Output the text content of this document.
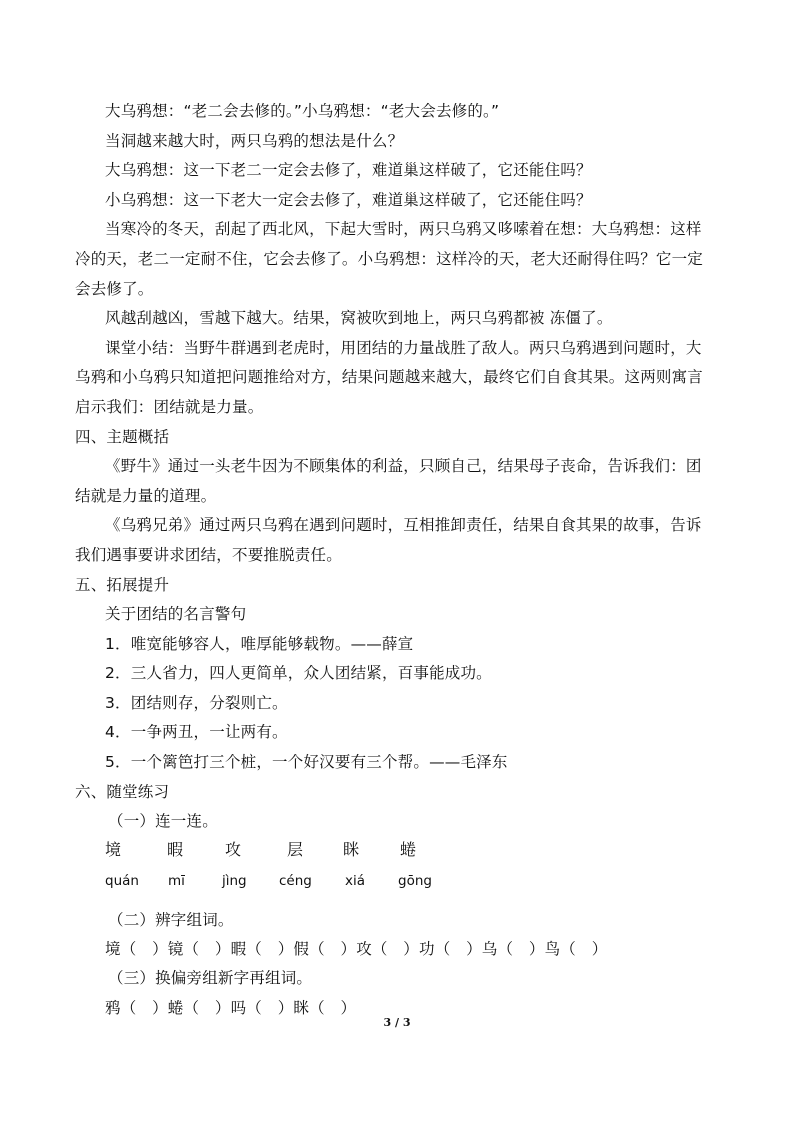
大乌鸦想：“老二会去修的。”小乌鸦想：“老大会去修的。”
当洞越来越大时，两只乌鸦的想法是什么？
大乌鸦想：这一下老二一定会去修了，难道巢这样破了，它还能住吗？
小乌鸦想：这一下老大一定会去修了，难道巢这样破了，它还能住吗？
当寒冷的冬天，刮起了西北风，下起大雪时，两只乌鸦又哆嗦着在想：大乌鸦想：这样
冷的天，老二一定耐不住，它会去修了。小乌鸦想：这样冷的天，老大还耐得住吗？它一定
会去修了。
风越刮越凶，雪越下越大。结果，窝被吹到地上，两只乌鸦都被 冻僵了。
课堂小结：当野牛群遇到老虎时，用团结的力量战胜了敌人。两只乌鸦遇到问题时，大
乌鸦和小乌鸦只知道把问题推给对方，结果问题越来越大，最终它们自食其果。这两则寓言
启示我们：团结就是力量。
四、主题概括
《野牛》通过一头老牛因为不顾集体的利益，只顾自己，结果母子丧命，告诉我们：团
结就是力量的道理。
《乌鸦兄弟》通过两只乌鸦在遇到问题时，互相推卸责任，结果自食其果的故事，告诉
我们遇事要讲求团结，不要推脱责任。
五、拓展提升
关于团结的名言警句
1．唯宽能够容人，唯厚能够载物。——薛宣
2．三人省力，四人更简单，众人团结紧，百事能成功。
3．团结则存，分裂则亡。
4．一争两丑，一让两有。
5．一个篱笆打三个桩，一个好汉要有三个帮。——毛泽东
六、随堂练习
（一）连一连。
境	暇	攻	层 眯	蜷
quán mī	jìng céng xiá gōng
（二）辨字组词。
境（　）镜（　）暇（　）假（　）攻（　）功（　）乌（　）鸟（　）
（三）换偏旁组新字再组词。
鸦（　）蜷（　）吗（　）眯（　）
3 / 3
